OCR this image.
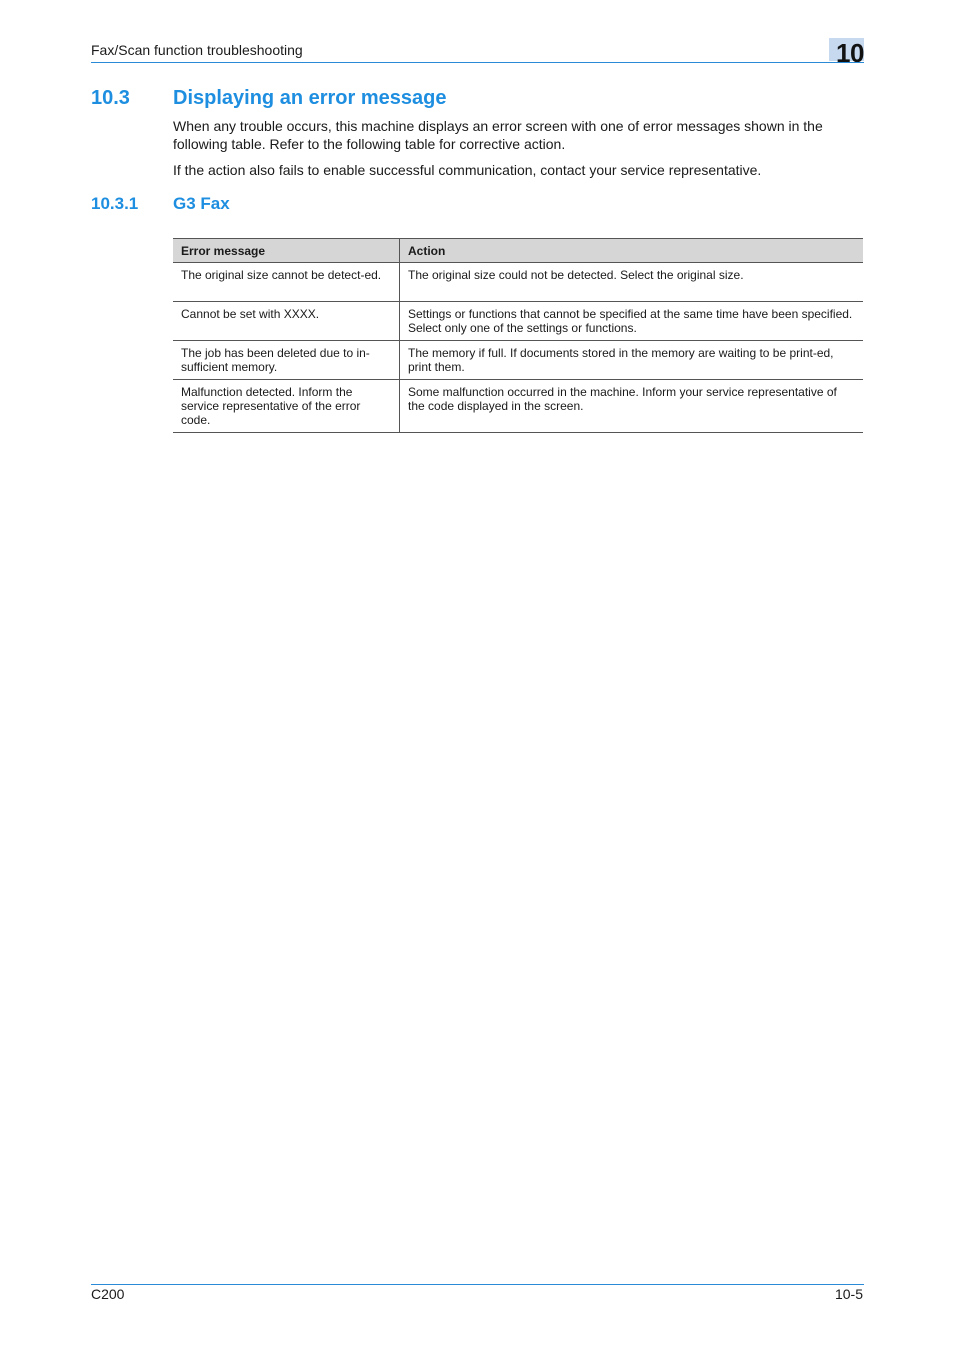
Fax/Scan function troubleshooting	10
10.3 Displaying an error message
When any trouble occurs, this machine displays an error screen with one of error messages shown in the following table. Refer to the following table for corrective action.
If the action also fails to enable successful communication, contact your service representative.
10.3.1 G3 Fax
Error message	Action
The original size cannot be detect-ed.	The original size could not be detected. Select the original size.
Cannot be set with XXXX.	Settings or functions that cannot be specified at the same time have been specified. Select only one of the settings or functions.
The job has been deleted due to in-sufficient memory.	The memory if full. If documents stored in the memory are waiting to be print-ed, print them.
Malfunction detected. Inform the service representative of the error code.	Some malfunction occurred in the machine. Inform your service representative of the code displayed in the screen.
C200	10-5
